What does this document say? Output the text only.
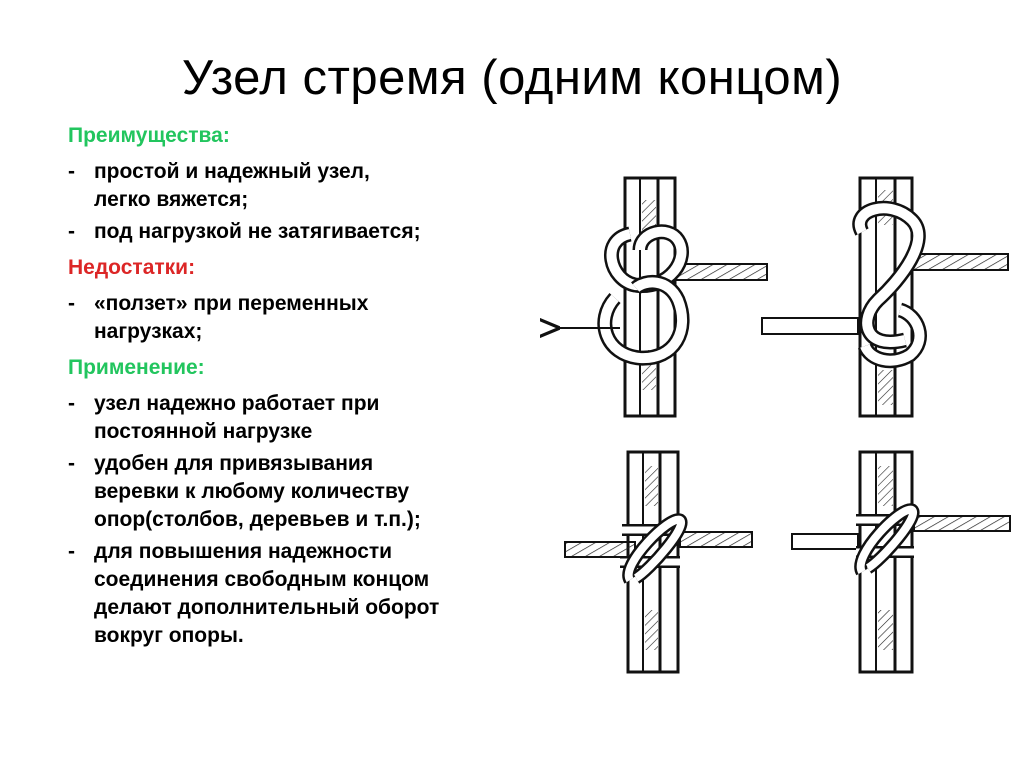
Узел стремя (одним концом)
Преимущества:
- простой и надежный узел,
легко вяжется;
- под нагрузкой не затягивается;
Недостатки:
- «ползет» при переменных
нагрузках;
Применение:
- узел надежно работает при
постоянной нагрузке
- удобен для привязывания
веревки к любому количеству
опор(столбов, деревьев и т.п.);
- для повышения надежности
соединения свободным концом
делают дополнительный оборот
вокруг опоры.
